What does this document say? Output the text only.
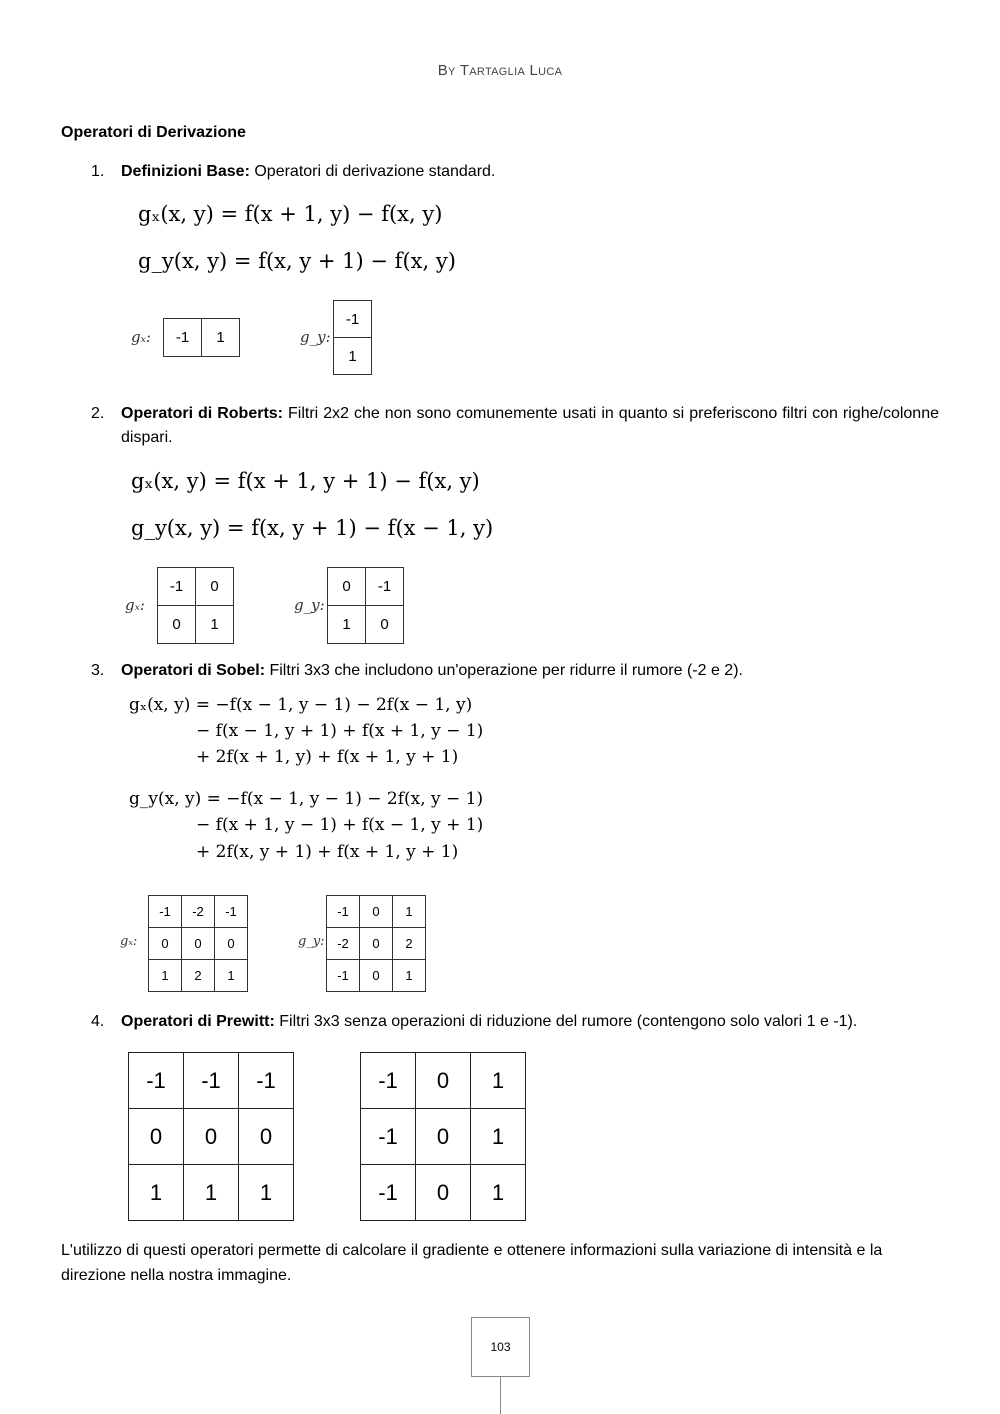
By Tartaglia Luca
Operatori di Derivazione
1. Definizioni Base: Operatori di derivazione standard.
gₓ(x, y) = f(x + 1, y) − f(x, y)
g_y(x, y) = f(x, y + 1) − f(x, y)
gₓ: -1	1	g_y:
-1
1
2. Operatori di Roberts: Filtri 2x2 che non sono comunemente usati in quanto si preferiscono filtri con righe/colonne dispari.
gₓ(x, y) = f(x + 1, y + 1) − f(x, y)
g_y(x, y) = f(x, y + 1) − f(x − 1, y)
gₓ:
-1	0
0	1
g_y:
0	-1
1	0
3. Operatori di Sobel: Filtri 3x3 che includono un'operazione per ridurre il rumore (-2 e 2).
gₓ(x, y) = −f(x − 1, y − 1) − 2f(x − 1, y)
− f(x − 1, y + 1) + f(x + 1, y − 1)
+ 2f(x + 1, y) + f(x + 1, y + 1)
g_y(x, y) = −f(x − 1, y − 1) − 2f(x, y − 1)
− f(x + 1, y − 1) + f(x − 1, y + 1)
+ 2f(x, y + 1) + f(x + 1, y + 1)
gₓ:
-1	-2	-1
0	0	0
1	2	1
g_y:
-1	0	1
-2	0	2
-1	0	1
4. Operatori di Prewitt: Filtri 3x3 senza operazioni di riduzione del rumore (contengono solo valori 1 e -1).
-1	-1	-1
0	0	0
1	1	1
-1	0	1
-1	0	1
-1	0	1
L'utilizzo di questi operatori permette di calcolare il gradiente e ottenere informazioni sulla variazione di intensità e la direzione nella nostra immagine.
103
